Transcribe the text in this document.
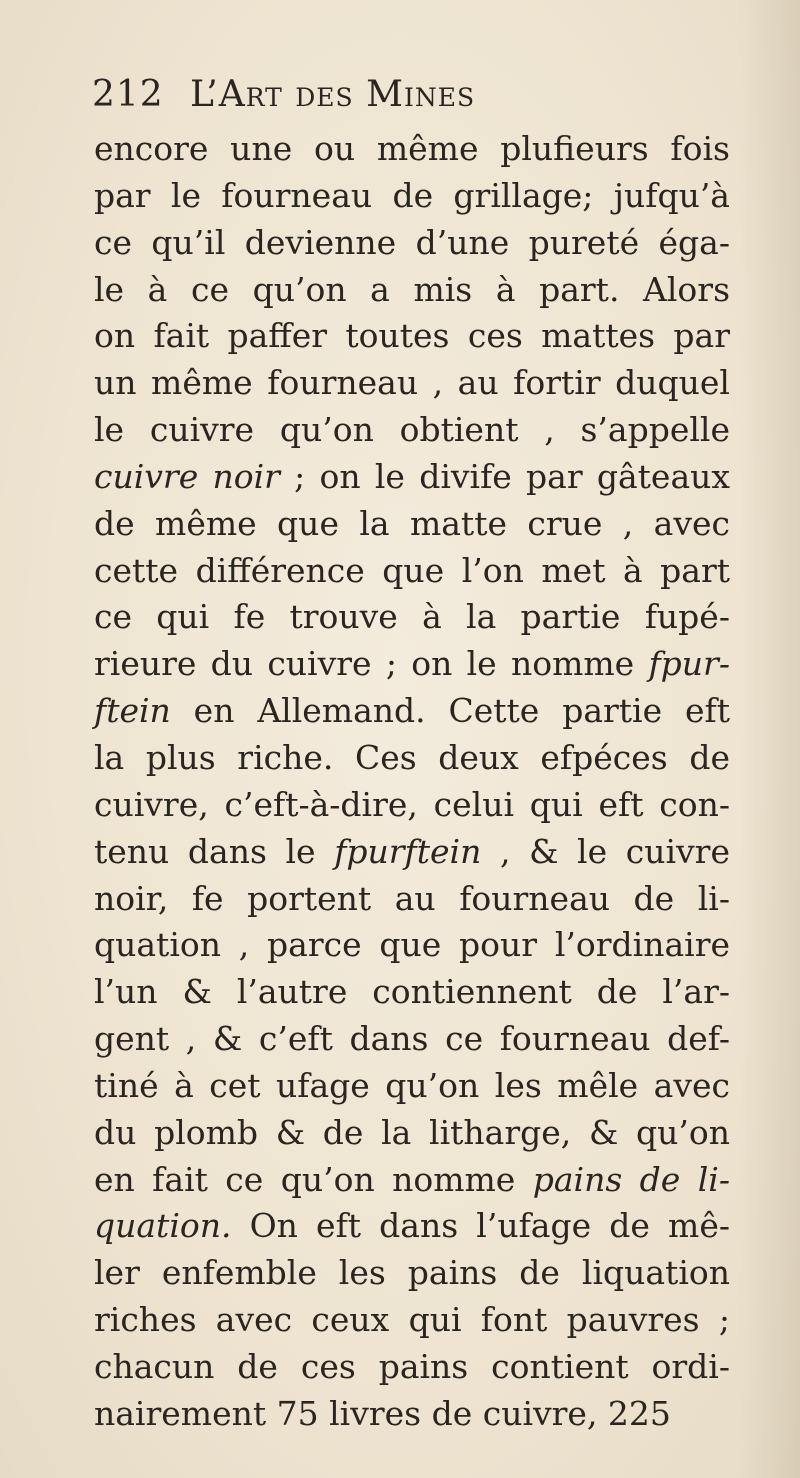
212 L’Art des Mines
encore une ou même plufieurs fois
par le fourneau de grillage; jufqu’à
ce qu’il devienne d’une pureté éga-
le à ce qu’on a mis à part. Alors
on fait paffer toutes ces mattes par
un même fourneau , au fortir duquel
le cuivre qu’on obtient , s’appelle
cuivre noir ; on le divife par gâteaux
de même que la matte crue , avec
cette différence que l’on met à part
ce qui fe trouve à la partie fupé-
rieure du cuivre ; on le nomme fpur-
ftein en Allemand. Cette partie eft
la plus riche. Ces deux efpéces de
cuivre, c’eft-à-dire, celui qui eft con-
tenu dans le fpurftein , & le cuivre
noir, fe portent au fourneau de li-
quation , parce que pour l’ordinaire
l’un & l’autre contiennent de l’ar-
gent , & c’eft dans ce fourneau def-
tiné à cet ufage qu’on les mêle avec
du plomb & de la litharge, & qu’on
en fait ce qu’on nomme pains de li-
quation. On eft dans l’ufage de mê-
ler enfemble les pains de liquation
riches avec ceux qui font pauvres ;
chacun de ces pains contient ordi-
nairement 75 livres de cuivre, 225
